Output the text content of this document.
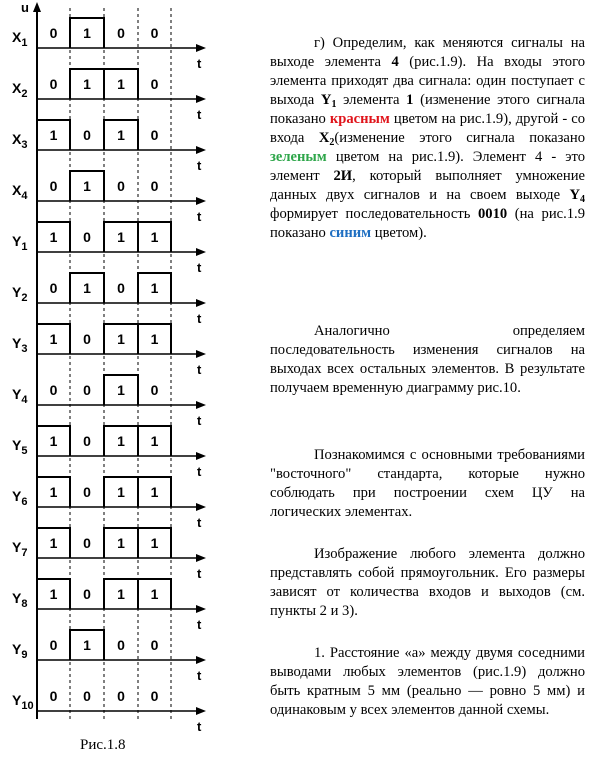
u
t
$X_1$
0 1 0 0
t
$X_2$
0 1 1 0
t
$X_3$
1 0 1 0
t
$X_4$
0 1 0 0
t
$Y_1$
1 0 1 1
t
$Y_2$
0 1 0 1
t
$Y_3$
1 0 1 1
t
$Y_4$
0 0 1 0
t
$Y_5$
1 0 1 1
t
$Y_6$
1 0 1 1
t
$Y_7$
1 0 1 1
t
$Y_8$
1 0 1 1
t
$Y_9$
0 1 0 0
t
$Y_{10}$
0 0 0 0
Рис.1.8
г) Определим, как меняются сигналы на выходе элемента 4 (рис.1.9). На входы этого элемента приходят два сигнала: один поступает с выхода $Y_1$ элемента 1 (изменение этого сигнала показано красным цветом на рис.1.9), другой - со входа $X_2(изменение$ этого сигнала показано зеленым цветом на рис.1.9). Элемент 4 - это элемент 2И, который выполняет умножение данных двух сигналов и на своем выходе $Y_4$ формирует последовательность 0010 (на рис.1.9 показано синим цветом).
Аналогично определяем последовательность изменения сигналов на выходах всех остальных элементов. В результате получаем временную диаграмму рис.10.
Познакомимся с основными требованиями "восточного" стандарта, которые нужно соблюдать при построении схем ЦУ на логических элементах.
Изображение любого элемента должно представлять собой прямоугольник. Его размеры зависят от количества входов и выходов (см. пункты 2 и 3).
1. Расстояние «а» между двумя соседними выводами любых элементов (рис.1.9) должно быть кратным 5 мм (реально — ровно 5 мм) и одинаковым у всех элементов данной схемы.
